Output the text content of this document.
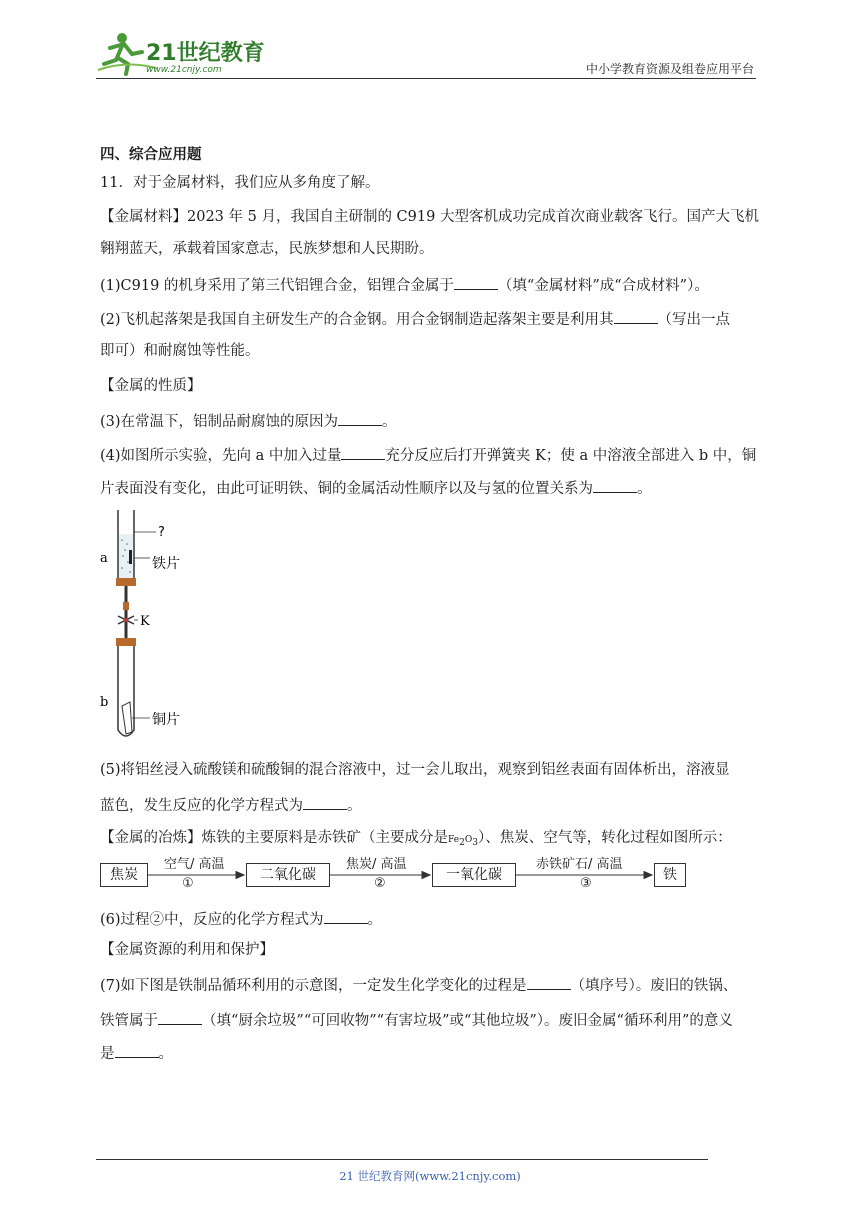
21世纪教育
www.21cnjy.com	中小学教育资源及组卷应用平台
四、综合应用题
11．对于金属材料，我们应从多角度了解。
【金属材料】2023 年 5 月，我国自主研制的 C919 大型客机成功完成首次商业载客飞行。国产大飞机
翱翔蓝天，承载着国家意志，民族梦想和人民期盼。
(1)C919 的机身采用了第三代铝锂合金，铝锂合金属于	（填“金属材料”成“合成材料”）。
(2)飞机起落架是我国自主研发生产的合金钢。用合金钢制造起落架主要是利用其	（写出一点
即可）和耐腐蚀等性能。
【金属的性质】
(3)在常温下，铝制品耐腐蚀的原因为	。
(4)如图所示实验，先向 a 中加入过量	充分反应后打开弹簧夹 K；使 a 中溶液全部进入 b 中，铜
片表面没有变化，由此可证明铁、铜的金属活动性顺序以及与氢的位置关系为	。
?
铁片
a
K
铜片
b
(5)将铝丝浸入硫酸镁和硫酸铜的混合溶液中，过一会儿取出，观察到铝丝表面有固体析出，溶液显
蓝色，发生反应的化学方程式为	。
【金属的冶炼】炼铁的主要原料是赤铁矿（主要成分是$Fe_2O_3$）、焦炭、空气等，转化过程如图所示：
焦炭
空气/ 高温
①
二氧化碳
焦炭/ 高温
②
一氧化碳
赤铁矿石/ 高温
③
铁
(6)过程②中，反应的化学方程式为	。
【金属资源的利用和保护】
(7)如下图是铁制品循环利用的示意图，一定发生化学变化的过程是	（填序号）。废旧的铁锅、
铁管属于	（填“厨余垃圾”“可回收物”“有害垃圾”或“其他垃圾”）。废旧金属“循环利用”的意义
是	。
21 世纪教育网(www.21cnjy.com)
